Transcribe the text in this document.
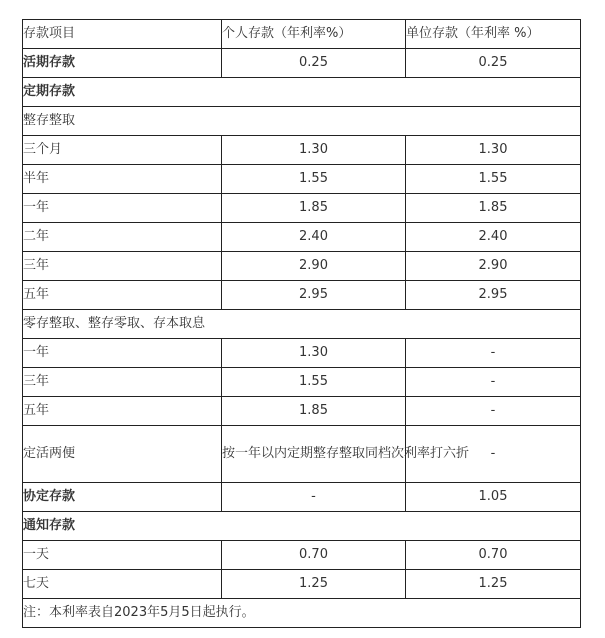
存款项目	个人存款（年利率%）	单位存款（年利率 %）
活期存款	0.25	0.25
定期存款		
整存整取		
三个月	1.30	1.30
半年	1.55	1.55
一年	1.85	1.85
二年	2.40	2.40
三年	2.90	2.90
五年	2.95	2.95
零存整取、整存零取、存本取息		
一年	1.30	-
三年	1.55	-
五年	1.85	-
定活两便	按一年以内定期整存整取同档次利率打六折	-
协定存款	-	1.05
通知存款		
一天	0.70	0.70
七天	1.25	1.25
注：本利率表自2023年5月5日起执行。		
